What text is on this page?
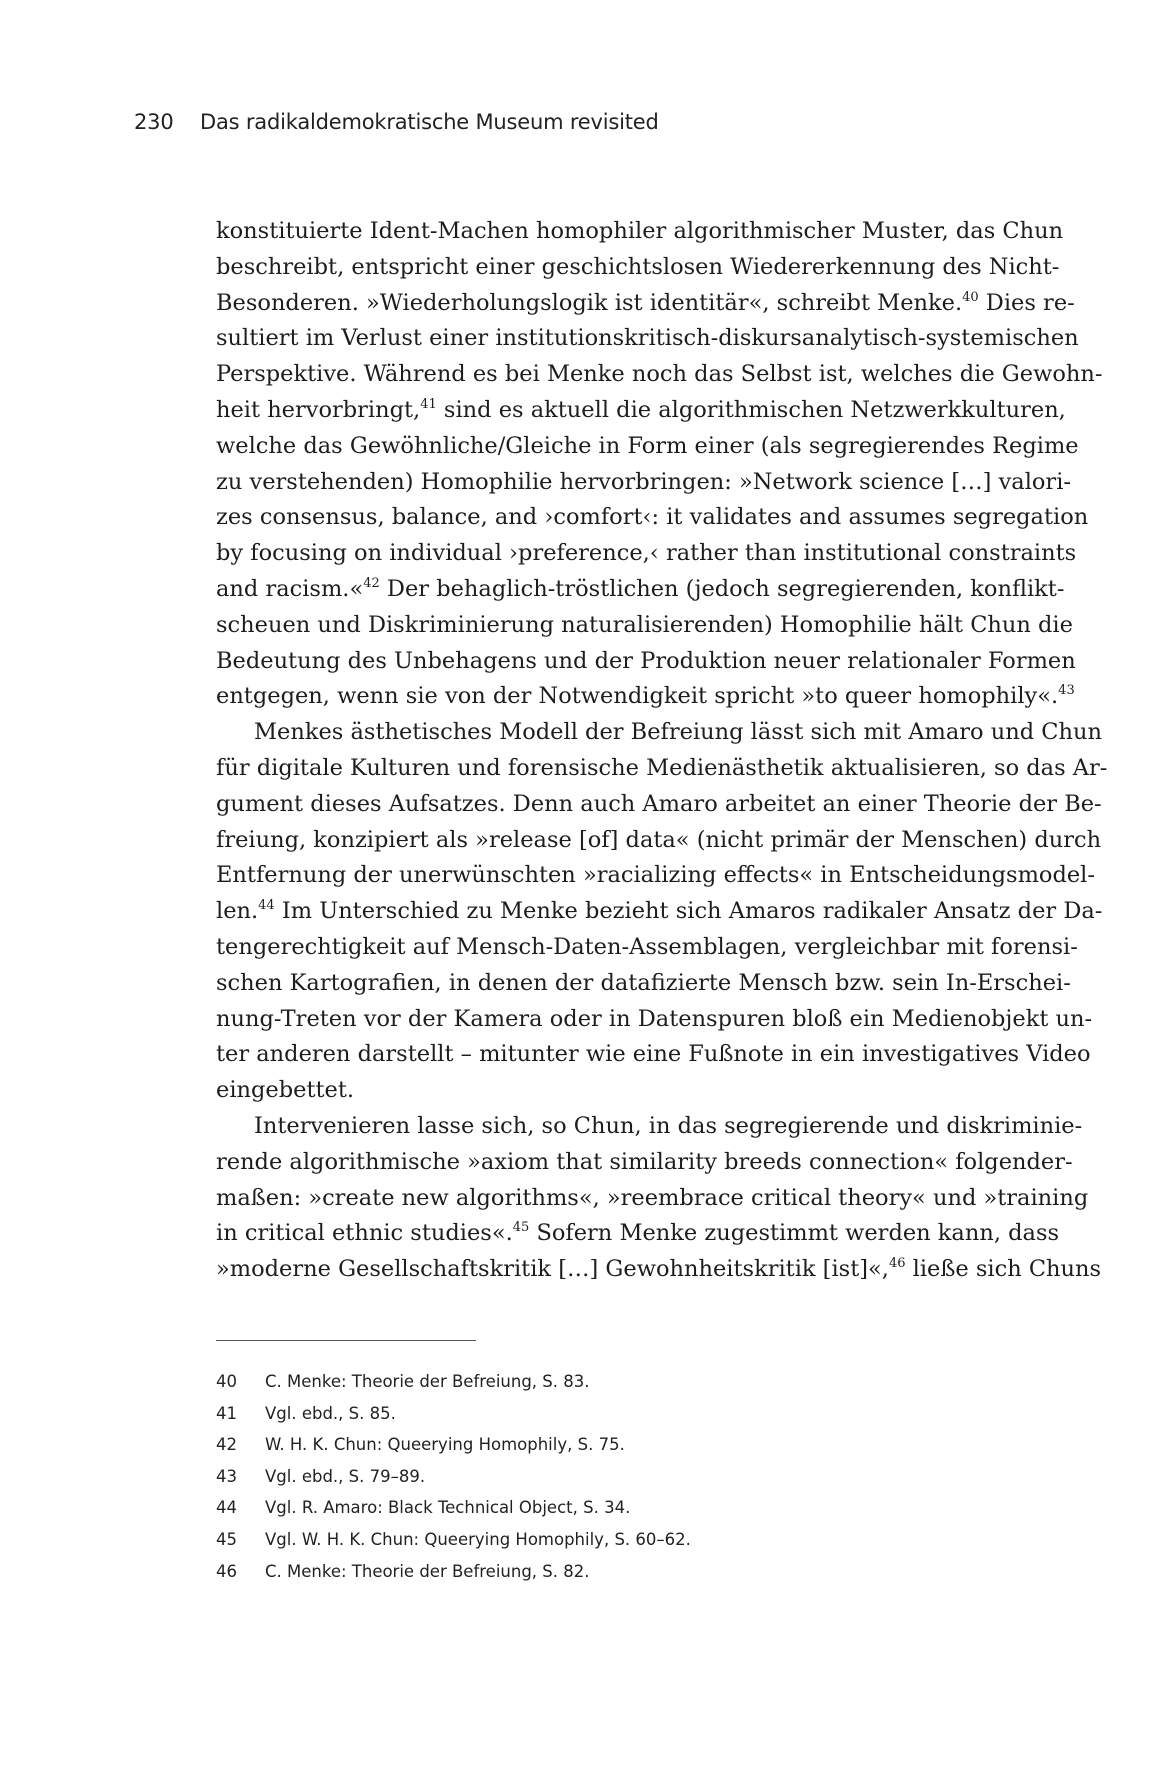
230 Das radikaldemokratische Museum revisited
konstituierte Ident-Machen homophiler algorithmischer Muster, das Chun
beschreibt, entspricht einer geschichtslosen Wiedererkennung des Nicht-
Besonderen. »Wiederholungslogik ist identitär«, schreibt Menke.$^{40}$ Dies re-
sultiert im Verlust einer institutionskritisch-diskursanalytisch-systemischen
Perspektive. Während es bei Menke noch das Selbst ist, welches die Gewohn-
heit hervorbringt,$^{41}$ sind es aktuell die algorithmischen Netzwerkkulturen,
welche das Gewöhnliche/Gleiche in Form einer (als segregierendes Regime
zu verstehenden) Homophilie hervorbringen: »Network science […] valori-
zes consensus, balance, and ›comfort‹: it validates and assumes segregation
by focusing on individual ›preference,‹ rather than institutional constraints
and racism.«$^{42}$ Der behaglich-tröstlichen (jedoch segregierenden, konflikt-
scheuen und Diskriminierung naturalisierenden) Homophilie hält Chun die
Bedeutung des Unbehagens und der Produktion neuer relationaler Formen
entgegen, wenn sie von der Notwendigkeit spricht »to queer homophily«.$^{43}$
Menkes ästhetisches Modell der Befreiung lässt sich mit Amaro und Chun
für digitale Kulturen und forensische Medienästhetik aktualisieren, so das Ar-
gument dieses Aufsatzes. Denn auch Amaro arbeitet an einer Theorie der Be-
freiung, konzipiert als »release [of] data« (nicht primär der Menschen) durch
Entfernung der unerwünschten »racializing effects« in Entscheidungsmodel-
len.$^{44}$ Im Unterschied zu Menke bezieht sich Amaros radikaler Ansatz der Da-
tengerechtigkeit auf Mensch-Daten-Assemblagen, vergleichbar mit forensi-
schen Kartografien, in denen der datafizierte Mensch bzw. sein In-Erschei-
nung-Treten vor der Kamera oder in Datenspuren bloß ein Medienobjekt un-
ter anderen darstellt – mitunter wie eine Fußnote in ein investigatives Video
eingebettet.
Intervenieren lasse sich, so Chun, in das segregierende und diskriminie-
rende algorithmische »axiom that similarity breeds connection« folgender-
maßen: »create new algorithms«, »reembrace critical theory« und »training
in critical ethnic studies«.$^{45}$ Sofern Menke zugestimmt werden kann, dass
»moderne Gesellschaftskritik […] Gewohnheitskritik [ist]«,$^{46}$ ließe sich Chuns
40 C. Menke: Theorie der Befreiung, S. 83.
41 Vgl. ebd., S. 85.
42 W. H. K. Chun: Queerying Homophily, S. 75.
43 Vgl. ebd., S. 79–89.
44 Vgl. R. Amaro: Black Technical Object, S. 34.
45 Vgl. W. H. K. Chun: Queerying Homophily, S. 60–62.
46 C. Menke: Theorie der Befreiung, S. 82.
